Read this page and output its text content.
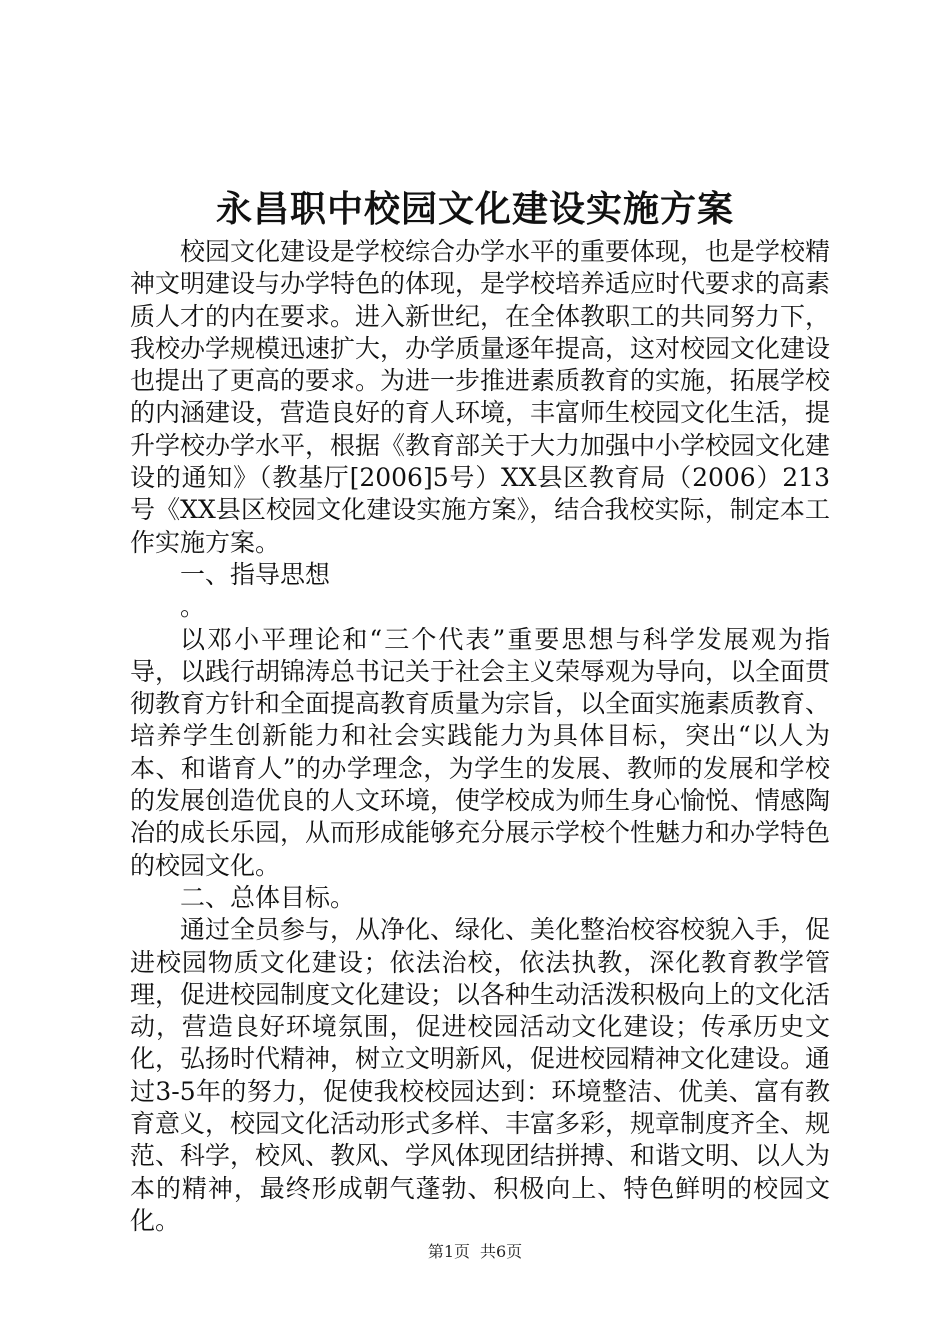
永昌职中校园文化建设实施方案

校园文化建设是学校综合办学水平的重要体现，也是学校精神文明建设与办学特色的体现，是学校培养适应时代要求的高素质人才的内在要求。进入新世纪，在全体教职工的共同努力下，我校办学规模迅速扩大，办学质量逐年提高，这对校园文化建设也提出了更高的要求。为进一步推进素质教育的实施，拓展学校的内涵建设，营造良好的育人环境，丰富师生校园文化生活，提升学校办学水平，根据《教育部关于大力加强中小学校园文化建设的通知》（教基厅[2006]5号）XX县区教育局（2006）213号《XX县区校园文化建设实施方案》，结合我校实际，制定本工作实施方案。

一、指导思想

。

以邓小平理论和“三个代表”重要思想与科学发展观为指导，以践行胡锦涛总书记关于社会主义荣辱观为导向，以全面贯彻教育方针和全面提高教育质量为宗旨，以全面实施素质教育、培养学生创新能力和社会实践能力为具体目标，突出“以人为本、和谐育人”的办学理念，为学生的发展、教师的发展和学校的发展创造优良的人文环境，使学校成为师生身心愉悦、情感陶冶的成长乐园，从而形成能够充分展示学校个性魅力和办学特色的校园文化。

二、总体目标。

通过全员参与，从净化、绿化、美化整治校容校貌入手，促进校园物质文化建设；依法治校，依法执教，深化教育教学管理，促进校园制度文化建设；以各种生动活泼积极向上的文化活动，营造良好环境氛围，促进校园活动文化建设；传承历史文化，弘扬时代精神，树立文明新风，促进校园精神文化建设。通过3-5年的努力，促使我校校园达到：环境整洁、优美、富有教育意义，校园文化活动形式多样、丰富多彩，规章制度齐全、规范、科学，校风、教风、学风体现团结拼搏、和谐文明、以人为本的精神，最终形成朝气蓬勃、积极向上、特色鲜明的校园文化。

第1页 共6页
